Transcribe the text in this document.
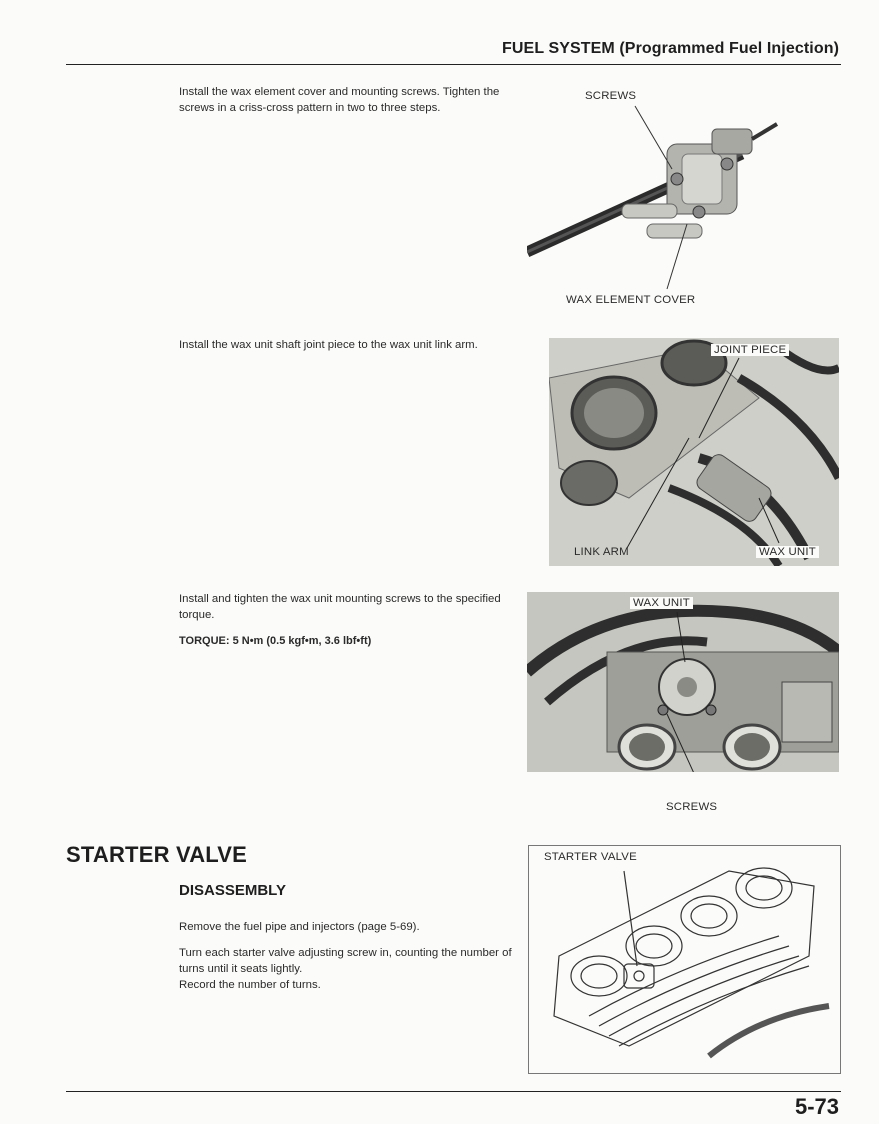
FUEL SYSTEM (Programmed Fuel Injection)

Install the wax element cover and mounting screws. Tighten the screws in a criss-cross pattern in two to three steps.

SCREWS
WAX ELEMENT COVER

Install the wax unit shaft joint piece to the wax unit link arm.	JOINT PIECE
LINK ARM	WAX UNIT

Install and tighten the wax unit mounting screws to the specified torque.

TORQUE: 5 N•m (0.5 kgf•m, 3.6 lbf•ft)

WAX UNIT
SCREWS
STARTER VALVE
DISASSEMBLY

Remove the fuel pipe and injectors (page 5-69).

Turn each starter valve adjusting screw in, counting the number of turns until it seats lightly.

Record the number of turns.

STARTER VALVE
5-73
